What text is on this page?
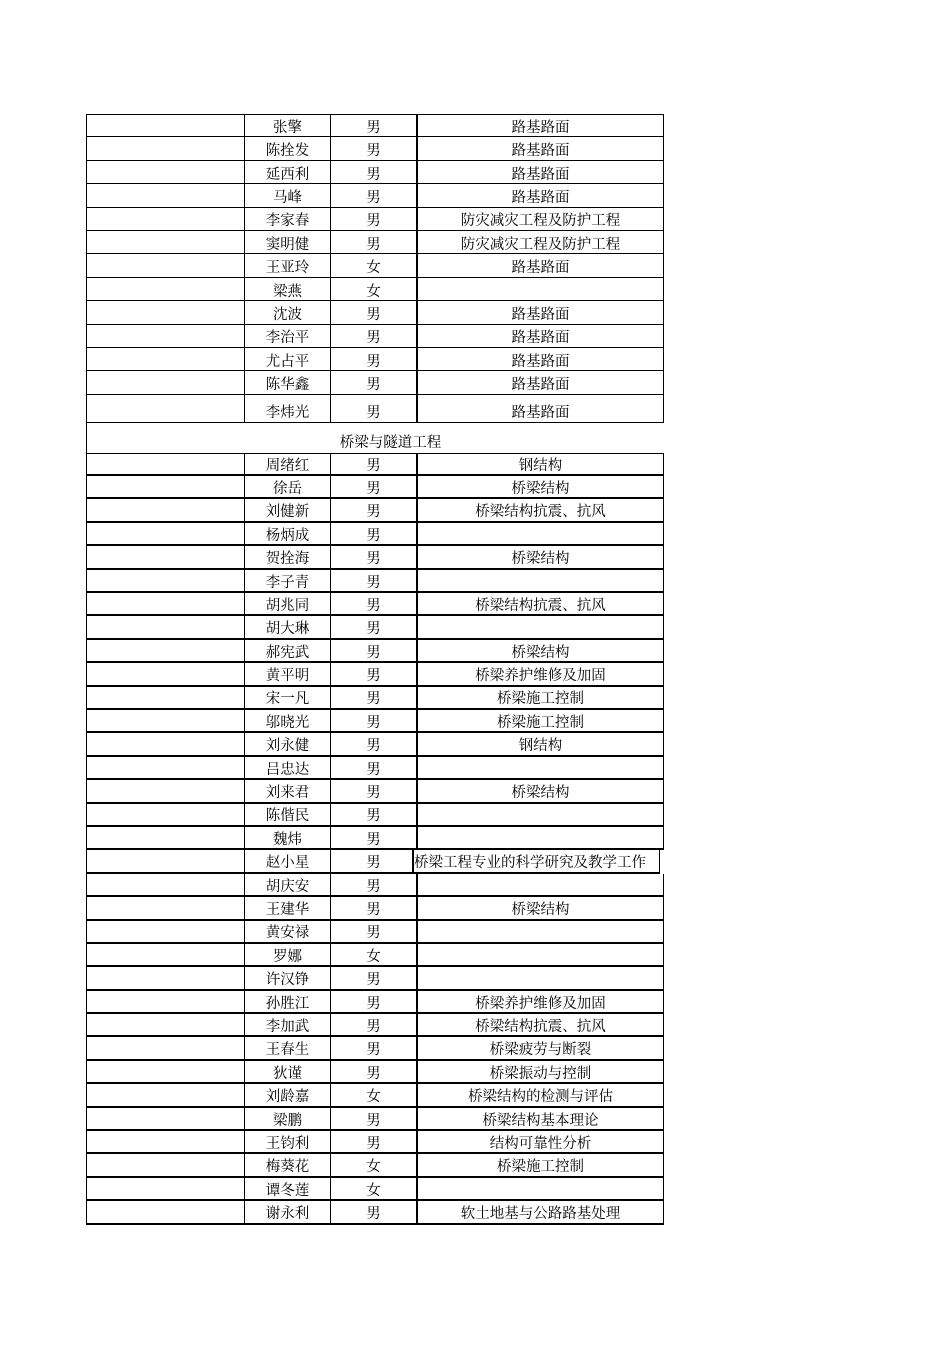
张擎	男	路基路面
陈拴发	男	路基路面
延西利	男	路基路面
马峰	男	路基路面
李家春	男	防灾减灾工程及防护工程
窦明健	男	防灾减灾工程及防护工程
王亚玲	女	路基路面
梁燕	女
沈波	男	路基路面
李治平	男	路基路面
尤占平	男	路基路面
陈华鑫	男	路基路面
李炜光	男	路基路面
桥梁与隧道工程
周绪红	男	钢结构
徐岳	男	桥梁结构
刘健新	男	桥梁结构抗震、抗风
杨炳成	男
贺拴海	男	桥梁结构
李子青	男
胡兆同	男	桥梁结构抗震、抗风
胡大琳	男
郝宪武	男	桥梁结构
黄平明	男	桥梁养护维修及加固
宋一凡	男	桥梁施工控制
邬晓光	男	桥梁施工控制
刘永健	男	钢结构
吕忠达	男
刘来君	男	桥梁结构
陈偕民	男
魏炜	男
赵小星	男	桥梁工程专业的科学研究及教学工作
胡庆安	男
王建华	男	桥梁结构
黄安禄	男
罗娜	女
许汉铮	男
孙胜江	男	桥梁养护维修及加固
李加武	男	桥梁结构抗震、抗风
王春生	男	桥梁疲劳与断裂
狄谨	男	桥梁振动与控制
刘龄嘉	女	桥梁结构的检测与评估
梁鹏	男	桥梁结构基本理论
王钧利	男	结构可靠性分析
梅葵花	女	桥梁施工控制
谭冬莲	女
谢永利	男	软土地基与公路路基处理
